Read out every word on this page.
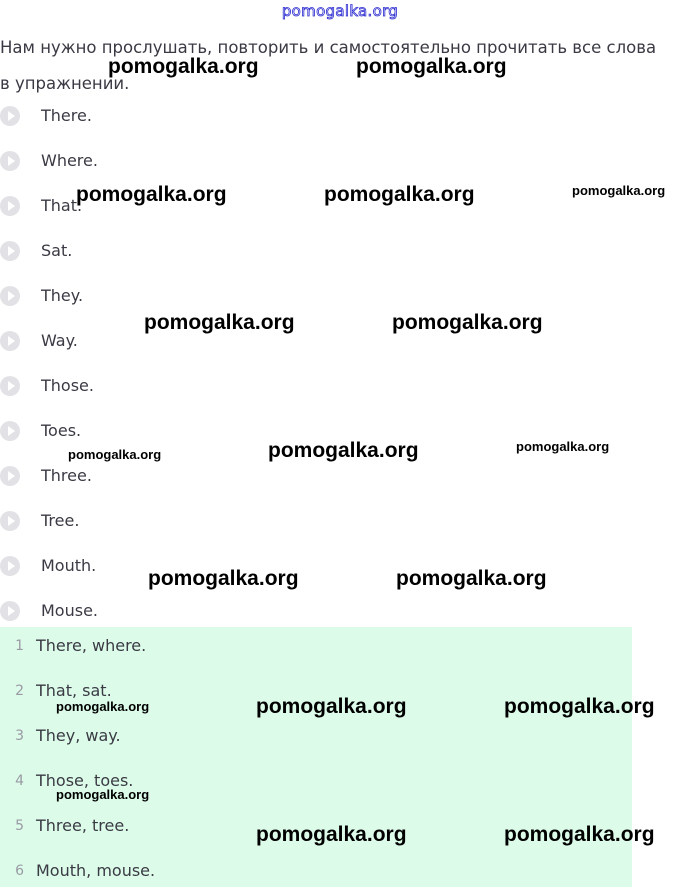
pomogalka.org
Нам нужно прослушать, повторить и самостоятельно прочитать все слова в упражнении.
There.
Where.
That.
Sat.
They.
Way.
Those.
Toes.
Three.
Tree.
Mouth.
Mouse.
1 There, where.
2 That, sat.
3 They, way.
4 Those, toes.
5 Three, tree.
6 Mouth, mouse.
pomogalka.org	pomogalka.org
pomogalka.org	pomogalka.org	pomogalka.org
pomogalka.org	pomogalka.org
pomogalka.org	pomogalka.org	pomogalka.org
pomogalka.org	pomogalka.org
pomogalka.org	pomogalka.org	pomogalka.org
pomogalka.org
pomogalka.org	pomogalka.org
